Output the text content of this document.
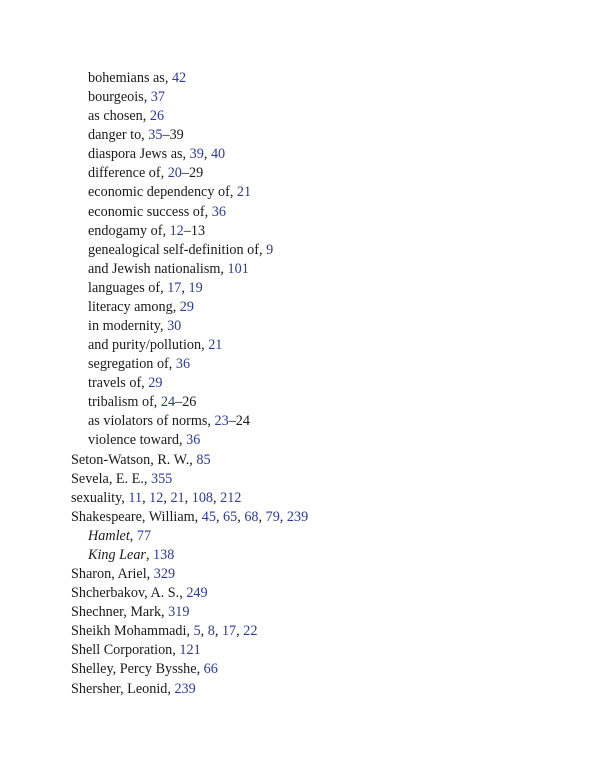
bohemians as, 42
bourgeois, 37
as chosen, 26
danger to, 35–39
diaspora Jews as, 39, 40
difference of, 20–29
economic dependency of, 21
economic success of, 36
endogamy of, 12–13
genealogical self-definition of, 9
and Jewish nationalism, 101
languages of, 17, 19
literacy among, 29
in modernity, 30
and purity/pollution, 21
segregation of, 36
travels of, 29
tribalism of, 24–26
as violators of norms, 23–24
violence toward, 36
Seton-Watson, R. W., 85
Sevela, E. E., 355
sexuality, 11, 12, 21, 108, 212
Shakespeare, William, 45, 65, 68, 79, 239
Hamlet, 77
King Lear, 138
Sharon, Ariel, 329
Shcherbakov, A. S., 249
Shechner, Mark, 319
Sheikh Mohammadi, 5, 8, 17, 22
Shell Corporation, 121
Shelley, Percy Bysshe, 66
Shersher, Leonid, 239
